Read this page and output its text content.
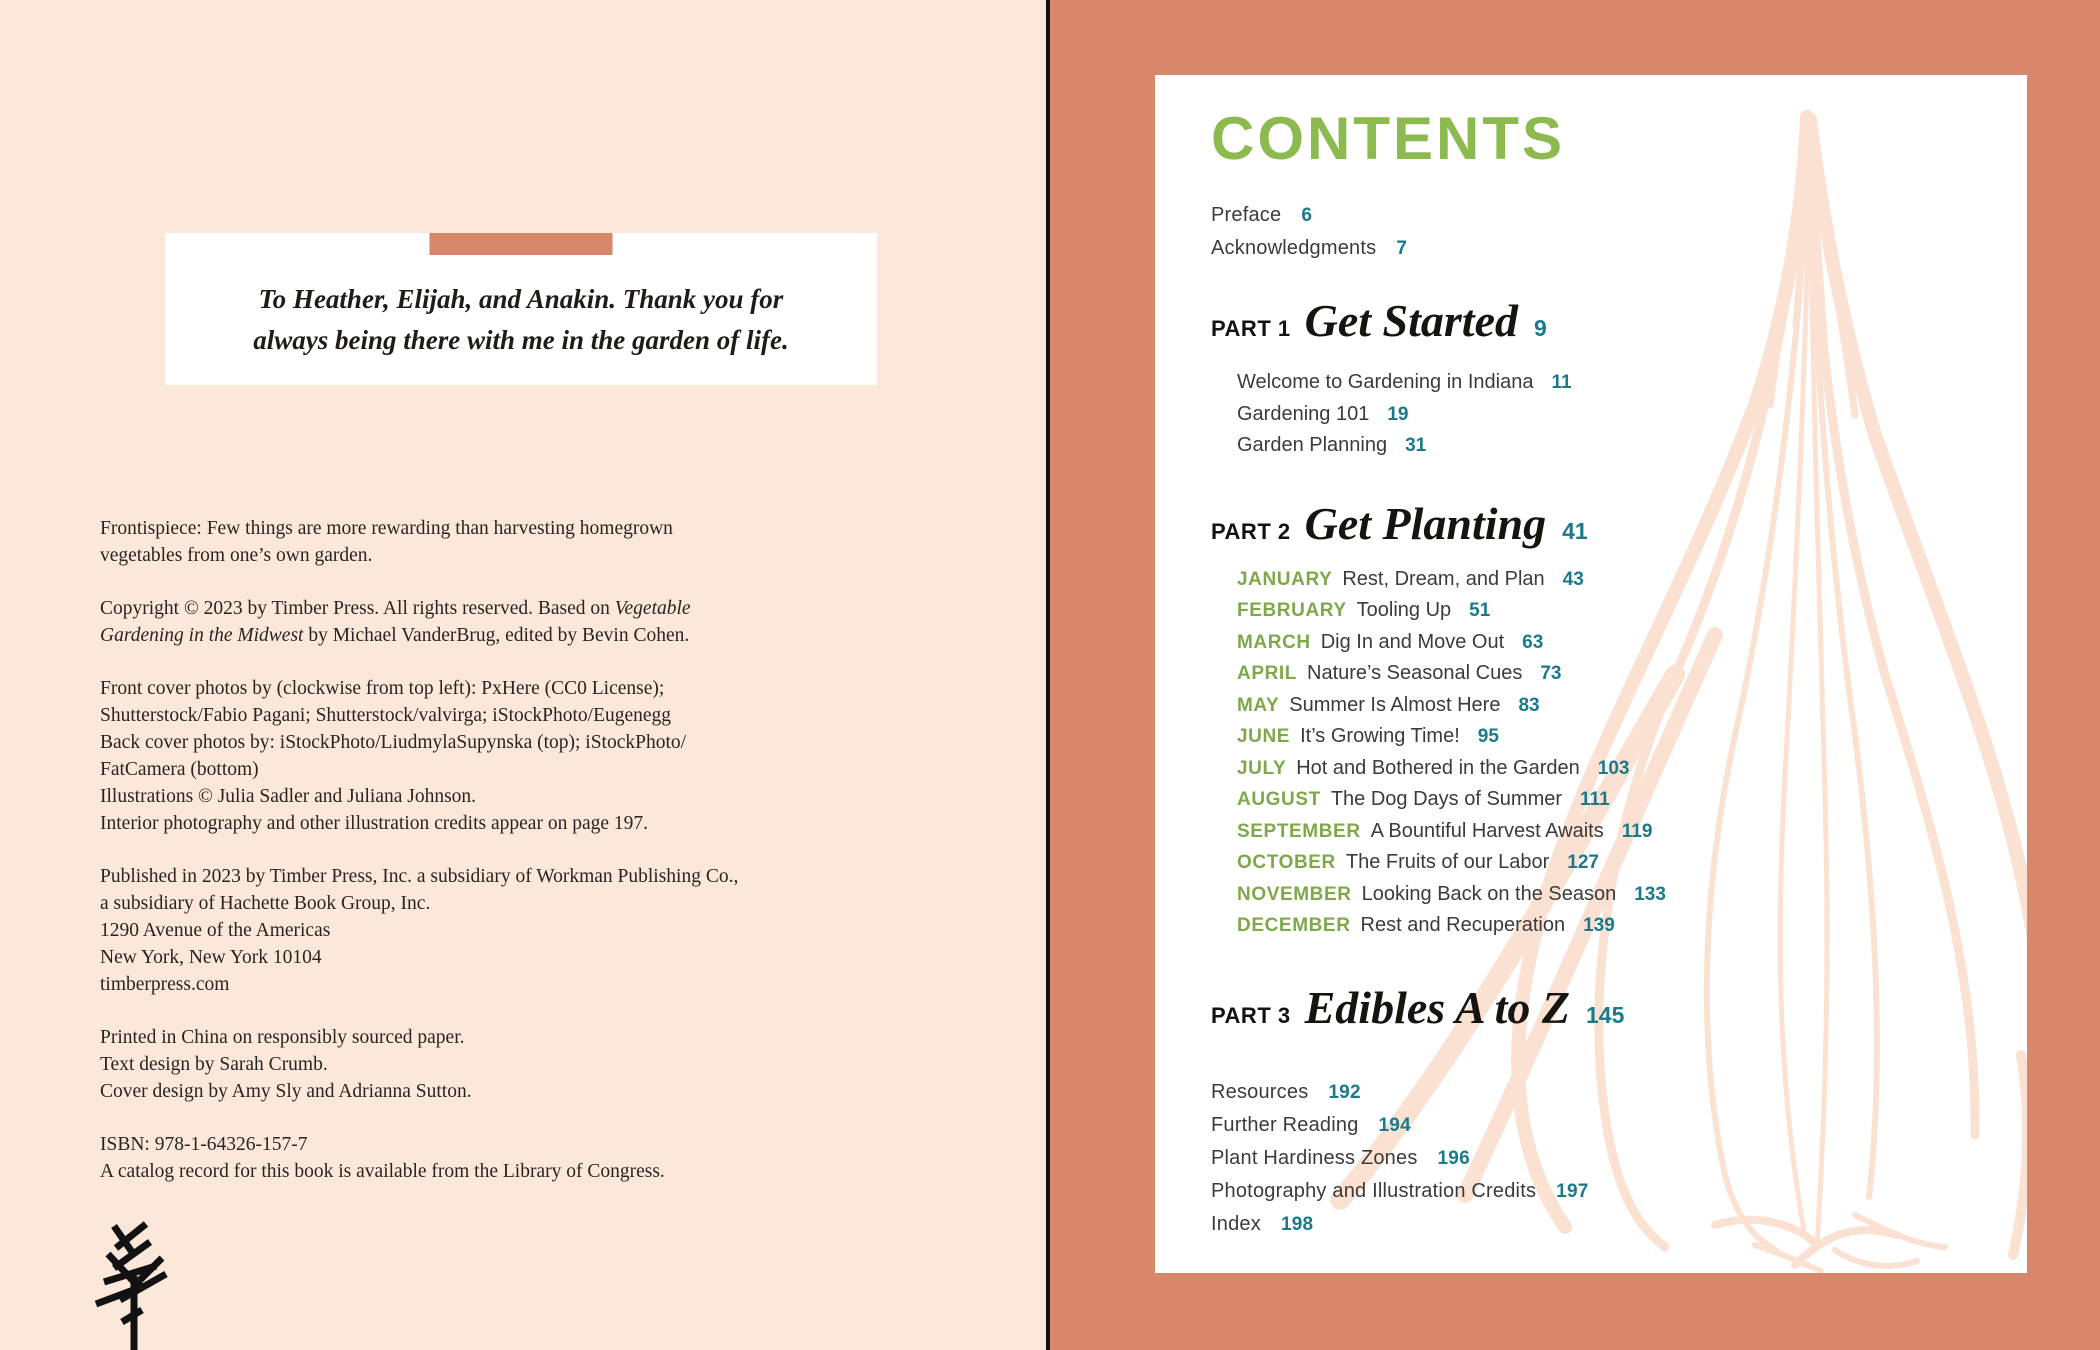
To Heather, Elijah, and Anakin. Thank you for
always being there with me in the garden of life.
Frontispiece: Few things are more rewarding than harvesting homegrown
vegetables from one’s own garden.
Copyright © 2023 by Timber Press. All rights reserved. Based on Vegetable
Gardening in the Midwest by Michael VanderBrug, edited by Bevin Cohen.
Front cover photos by (clockwise from top left): PxHere (CC0 License);
Shutterstock/Fabio Pagani; Shutterstock/valvirga; iStockPhoto/Eugenegg
Back cover photos by: iStockPhoto/LiudmylaSupynska (top); iStockPhoto/
FatCamera (bottom)
Illustrations © Julia Sadler and Juliana Johnson.
Interior photography and other illustration credits appear on page 197.
Published in 2023 by Timber Press, Inc. a subsidiary of Workman Publishing Co.,
a subsidiary of Hachette Book Group, Inc.
1290 Avenue of the Americas
New York, New York 10104
timberpress.com
Printed in China on responsibly sourced paper.
Text design by Sarah Crumb.
Cover design by Amy Sly and Adrianna Sutton.
ISBN: 978-1-64326-157-7
A catalog record for this book is available from the Library of Congress.
CONTENTS
Preface 6
Acknowledgments 7
PART 1 Get Started 9
Welcome to Gardening in Indiana 11
Gardening 101 19
Garden Planning 31
PART 2 Get Planting 41
JANUARY Rest, Dream, and Plan 43
FEBRUARY Tooling Up 51
MARCH Dig In and Move Out 63
APRIL Nature’s Seasonal Cues 73
MAY Summer Is Almost Here 83
JUNE It’s Growing Time! 95
JULY Hot and Bothered in the Garden 103
AUGUST The Dog Days of Summer 111
SEPTEMBER A Bountiful Harvest Awaits 119
OCTOBER The Fruits of our Labor 127
NOVEMBER Looking Back on the Season 133
DECEMBER Rest and Recuperation 139
PART 3 Edibles A to Z 145
Resources 192
Further Reading 194
Plant Hardiness Zones 196
Photography and Illustration Credits 197
Index 198
